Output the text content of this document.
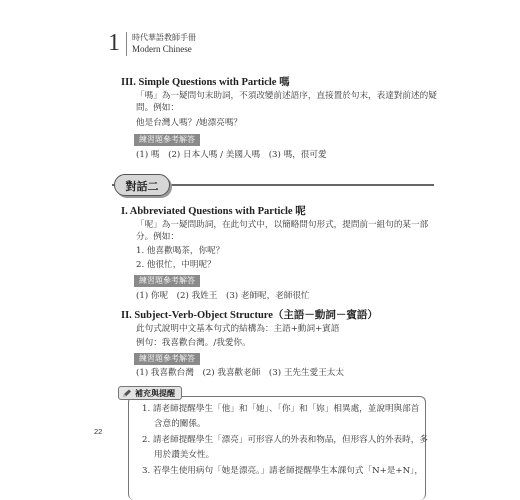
1 時代華語教師手冊
Modern Chinese
III. Simple Questions with Particle 嗎
「嗎」為一疑問句末助詞，不須改變前述語序，直接置於句末，表達對前述的疑
問。例如：
他是台灣人嗎？/她漂亮嗎？
練習題參考解答
(1) 嗎　(2) 日本人嗎 / 美國人嗎　(3) 嗎，很可愛
對話二
I. Abbreviated Questions with Particle 呢
「呢」為一疑問助詞，在此句式中，以簡略問句形式，提問前一組句的某一部
分。例如：
1. 他喜歡喝茶，你呢？
2. 他很忙，中明呢？
練習題參考解答
(1) 你呢　(2) 我姓王　(3) 老師呢，老師很忙
II. Subject-Verb-Object Structure（主語－動詞－賓語）
此句式說明中文基本句式的結構為：主語+動詞+賓語
例句：我喜歡台灣。/我愛你。
練習題參考解答
(1) 我喜歡台灣　(2) 我喜歡老師　(3) 王先生愛王太太
補充與提醒
1. 請老師提醒學生「他」和「她」、「你」和「妳」相異處，並說明與部首
含意的關係。
2. 請老師提醒學生「漂亮」可形容人的外表和物品，但形容人的外表時，多
用於讚美女性。
3. 若學生使用病句「她是漂亮。」請老師提醒學生本課句式「N+是+N」，
22
